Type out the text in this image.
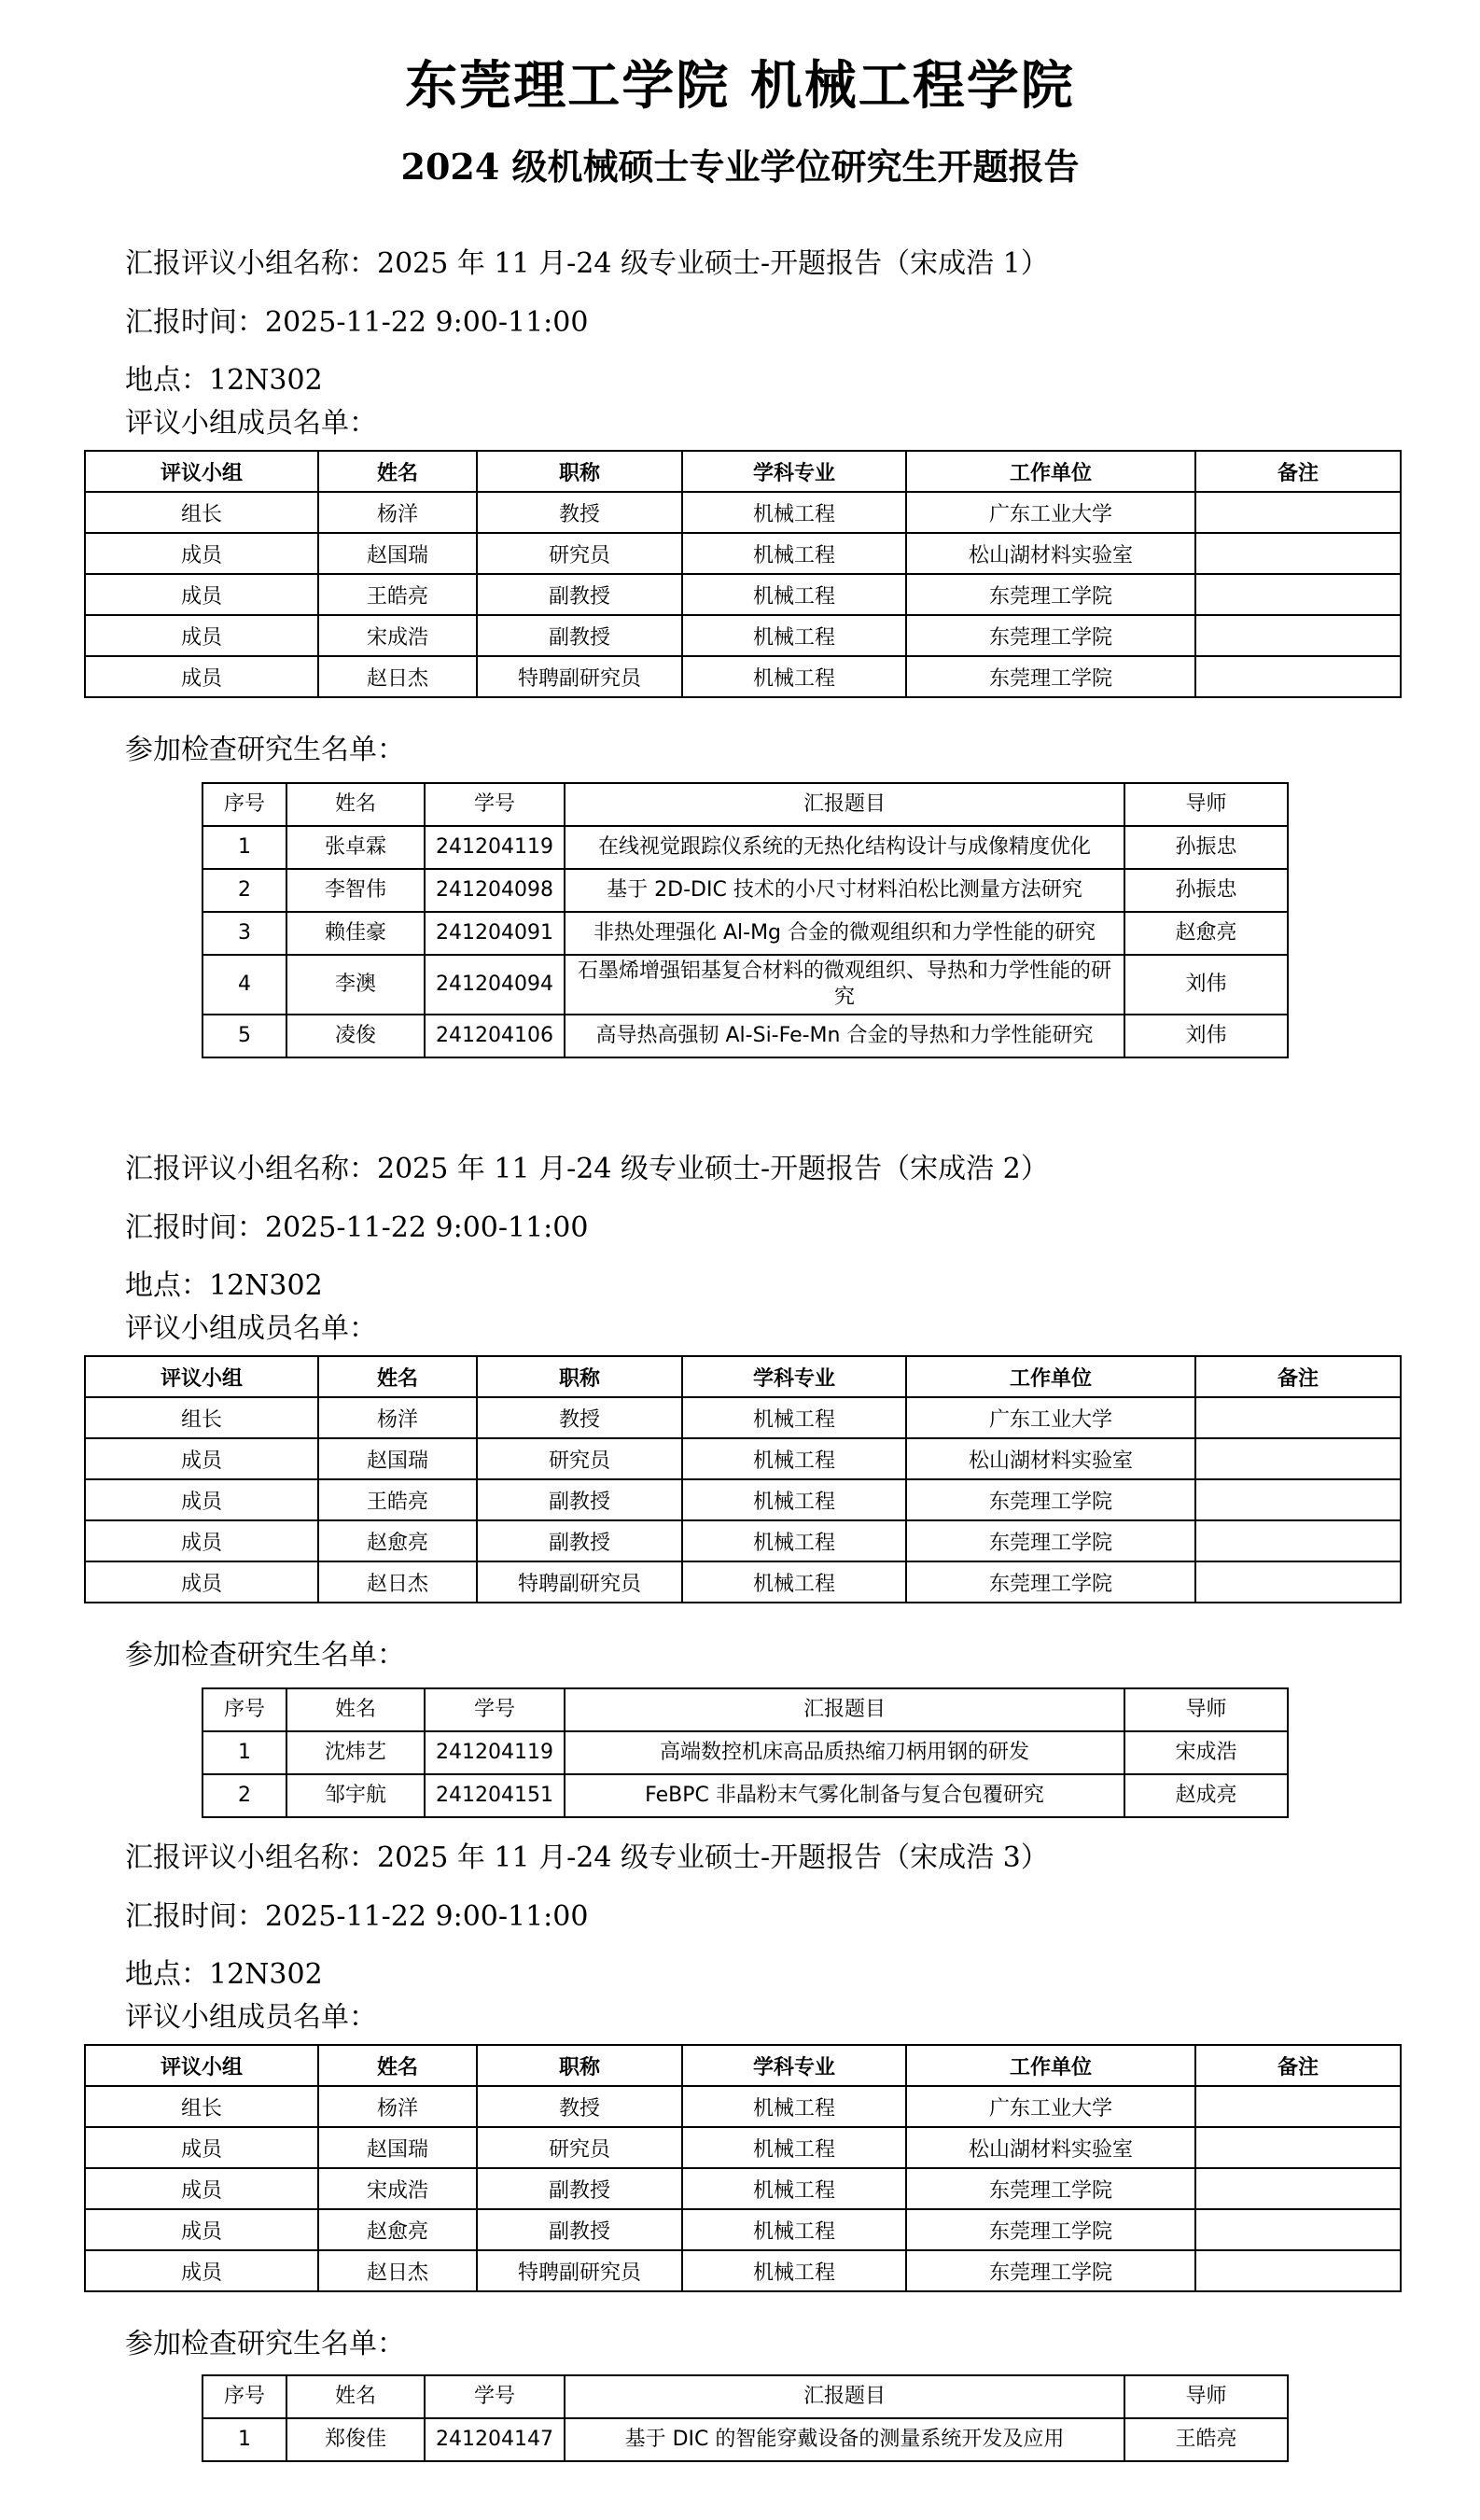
东莞理工学院 机械工程学院
2024 级机械硕士专业学位研究生开题报告
汇报评议小组名称：2025 年 11 月-24 级专业硕士-开题报告（宋成浩 1）
汇报时间：2025-11-22 9:00-11:00
地点：12N302
评议小组成员名单：
评议小组	姓名	职称	学科专业	工作单位	备注
组长	杨洋	教授	机械工程	广东工业大学	
成员	赵国瑞	研究员	机械工程	松山湖材料实验室	
成员	王皓亮	副教授	机械工程	东莞理工学院	
成员	宋成浩	副教授	机械工程	东莞理工学院	
成员	赵日杰	特聘副研究员	机械工程	东莞理工学院	
参加检查研究生名单：
序号	姓名	学号	汇报题目	导师
1	张卓霖	241204119	在线视觉跟踪仪系统的无热化结构设计与成像精度优化	孙振忠
2	李智伟	241204098	基于 2D-DIC 技术的小尺寸材料泊松比测量方法研究	孙振忠
3	赖佳豪	241204091	非热处理强化 Al-Mg 合金的微观组织和力学性能的研究	赵愈亮
4	李澳	241204094	石墨烯增强铝基复合材料的微观组织、导热和力学性能的研究	刘伟
5	凌俊	241204106	高导热高强韧 Al-Si-Fe-Mn 合金的导热和力学性能研究	刘伟
汇报评议小组名称：2025 年 11 月-24 级专业硕士-开题报告（宋成浩 2）
汇报时间：2025-11-22 9:00-11:00
地点：12N302
评议小组成员名单：
评议小组	姓名	职称	学科专业	工作单位	备注
组长	杨洋	教授	机械工程	广东工业大学	
成员	赵国瑞	研究员	机械工程	松山湖材料实验室	
成员	王皓亮	副教授	机械工程	东莞理工学院	
成员	赵愈亮	副教授	机械工程	东莞理工学院	
成员	赵日杰	特聘副研究员	机械工程	东莞理工学院	
参加检查研究生名单：
序号	姓名	学号	汇报题目	导师
1	沈炜艺	241204119	高端数控机床高品质热缩刀柄用钢的研发	宋成浩
2	邹宇航	241204151	FeBPC 非晶粉末气雾化制备与复合包覆研究	赵成亮
汇报评议小组名称：2025 年 11 月-24 级专业硕士-开题报告（宋成浩 3）
汇报时间：2025-11-22 9:00-11:00
地点：12N302
评议小组成员名单：
评议小组	姓名	职称	学科专业	工作单位	备注
组长	杨洋	教授	机械工程	广东工业大学	
成员	赵国瑞	研究员	机械工程	松山湖材料实验室	
成员	宋成浩	副教授	机械工程	东莞理工学院	
成员	赵愈亮	副教授	机械工程	东莞理工学院	
成员	赵日杰	特聘副研究员	机械工程	东莞理工学院	
参加检查研究生名单：
序号	姓名	学号	汇报题目	导师
1	郑俊佳	241204147	基于 DIC 的智能穿戴设备的测量系统开发及应用	王皓亮
